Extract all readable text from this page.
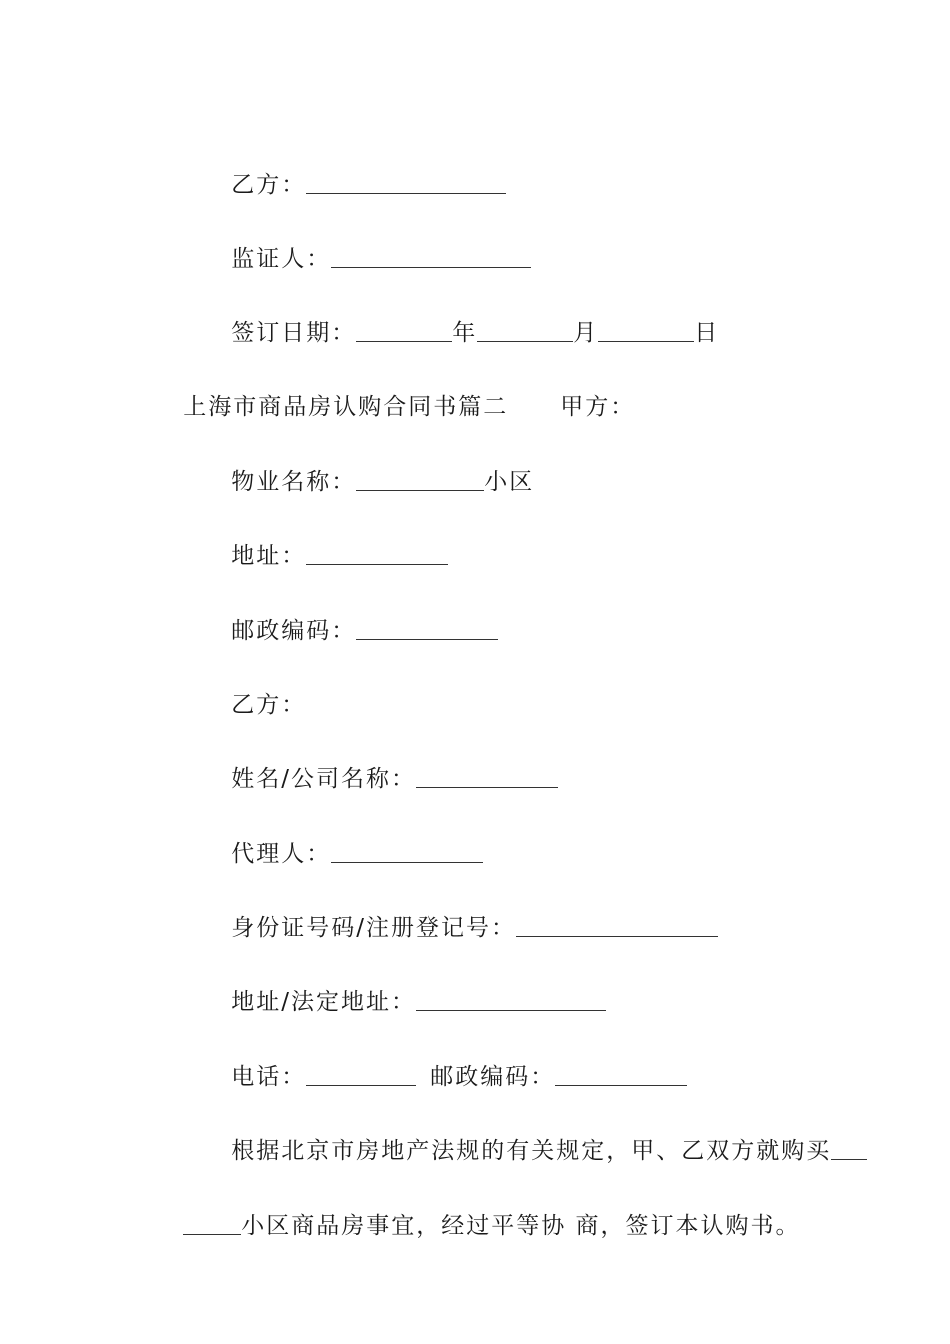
乙方：

监证人：

签订日期：	年	月	日

上海市商品房认购合同书篇二 甲方：

物业名称：	小区

地址：

邮政编码：

乙方：

姓名/公司名称：

代理人：

身份证号码/注册登记号：

地址/法定地址：

电话：	邮政编码：

根据北京市房地产法规的有关规定，甲、乙双方就购买

小区商品房事宜，经过平等协 商，签订本认购书。
